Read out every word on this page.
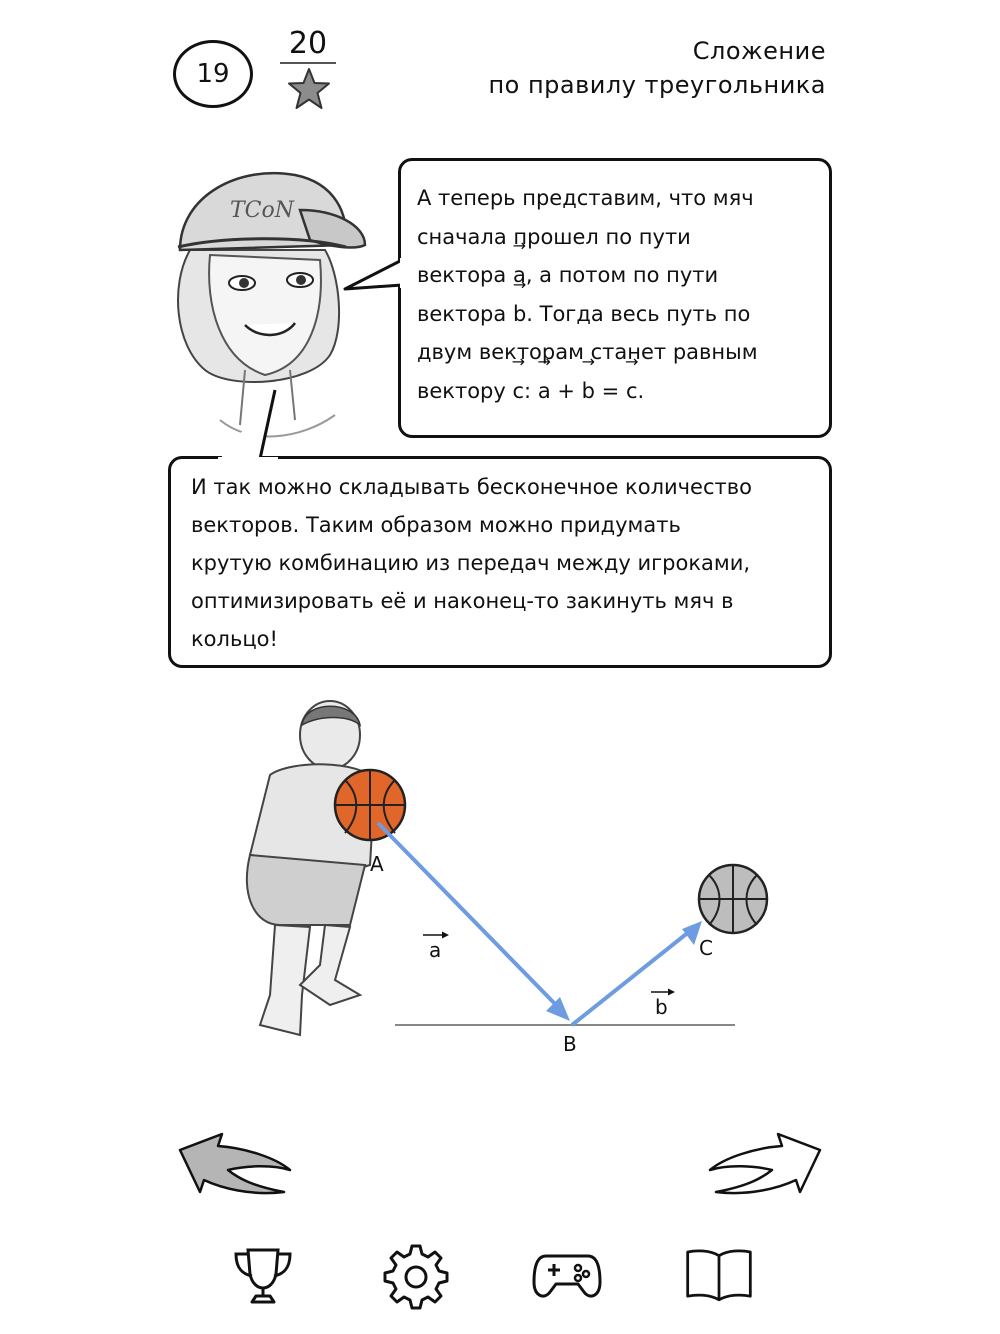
19
20	Сложение
по правилу треугольника
TCoN	А теперь представим, что мяч
сначала прошел по пути
вектора → a, а потом по пути
вектора → b. Тогда весь путь по
двум векторам станет равным
вектору → c: → a + → b = → c.
И так можно складывать бесконечное количество
векторов. Таким образом можно придумать
крутую комбинацию из передач между игроками,
оптимизировать её и наконец-то закинуть мяч в
кольцо!
A
B
C
a
b
